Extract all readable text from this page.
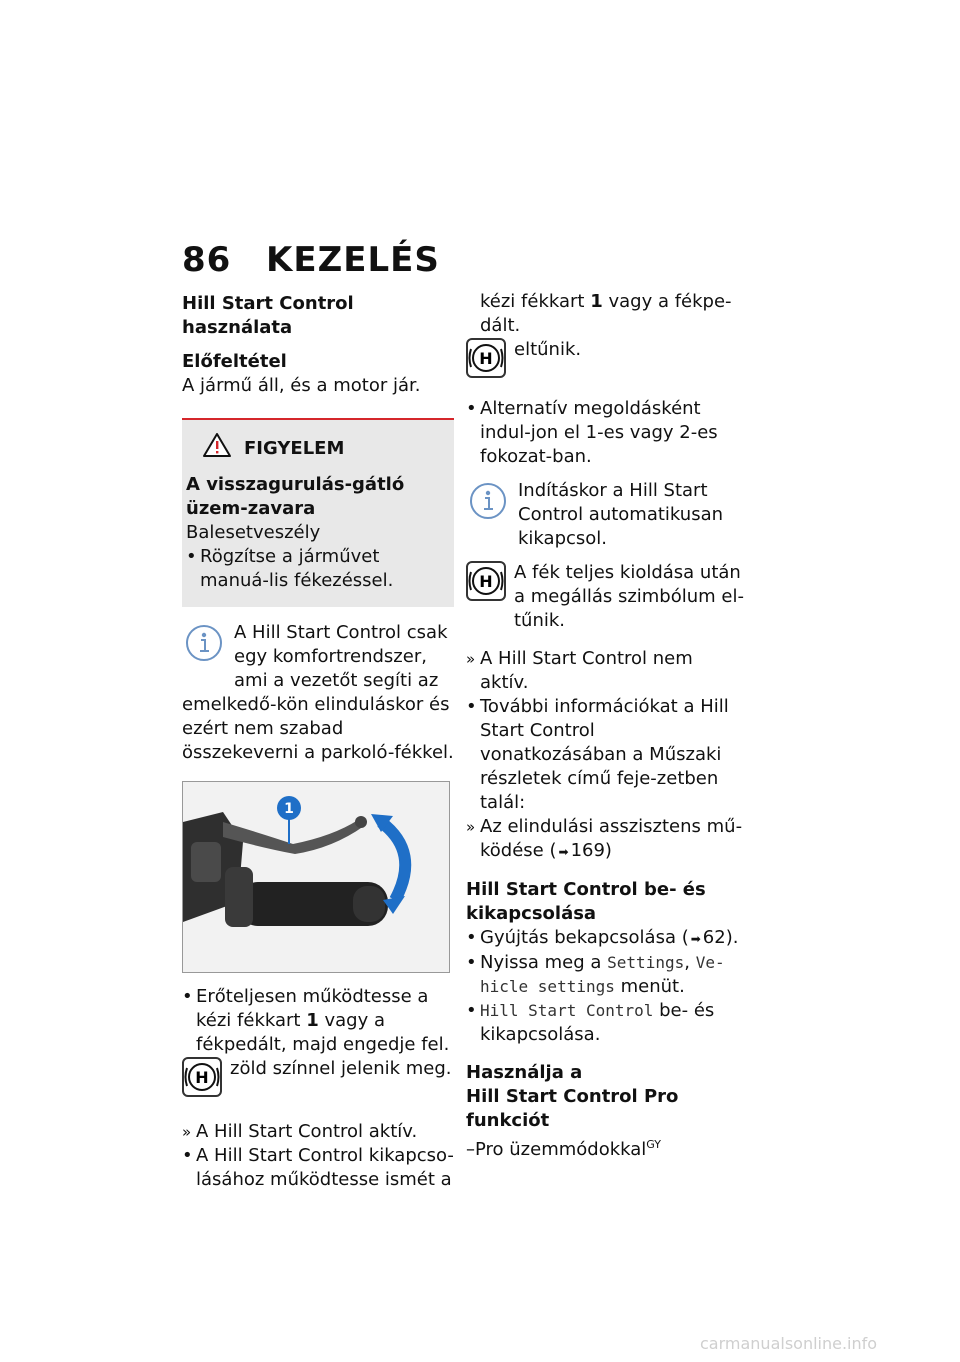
86 KEZELÉS

Hill Start Control használata

Előfeltétel

A jármű áll, és a motor jár.

FIGYELEM

A visszagurulás-gátló üzem-zavara

Balesetveszély

• Rögzítse a járművet manuá-lis fékezéssel.

A Hill Start Control csak egy komfortrendszer, ami a vezetőt segíti az emelkedő-kön elinduláskor és ezért nem szabad összekeverni a parkoló-fékkel.

1

• Erőteljesen működtesse a kézi fékkart 1 vagy a fékpedált, majd engedje fel.

H	zöld színnel jelenik meg.

» A Hill Start Control aktív.

• A Hill Start Control kikapcso-lásához működtesse ismét a

kézi fékkart 1 vagy a fékpe-dált.

H	eltűnik.

• Alternatív megoldásként indul-jon el 1-es vagy 2-es fokozat-ban.

Indításkor a Hill Start Control automatikusan kikapcsol.

H	A fék teljes kioldása után a megállás szimbólum el-tűnik.

» A Hill Start Control nem aktív.

• További információkat a Hill Start Control vonatkozásában a Műszaki részletek című feje-zetben talál:

» Az elindulási asszisztens mű-ködése ( ➡ 169)

Hill Start Control be- és kikapcsolása

• Gyújtás bekapcsolása ( ➡ 62).

• Nyissa meg a Settings, Ve-hicle settings menüt.

• Hill Start Control be- és kikapcsolása.

Használja a

Hill Start Control Pro funkciót

–Pro üzemmódokkal$^{GY}$

carmanualsonline.info
